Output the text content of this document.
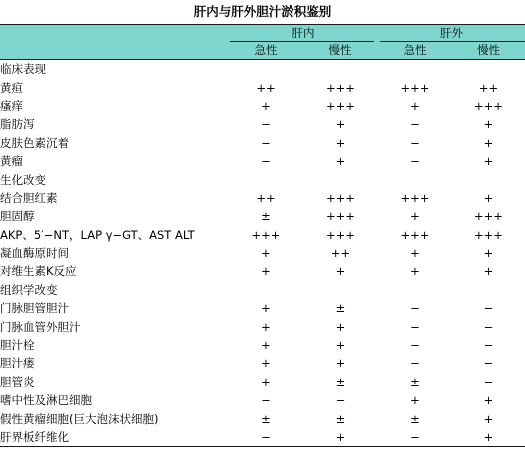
肝内与肝外胆汁淤积鉴别
肝内	肝外
急性	慢性	急性	慢性
临床表现				
黄疸	++	+++	+++	++
瘙痒	+	+++	+	+++
脂肪泻	−	+	−	+
皮肤色素沉着	−	+	−	+
黄瘤	−	+	−	+
生化改变				
结合胆红素	++	+++	+++	+
胆固醇	±	+++	+	+++
AKP、5′−NT，LAP γ−GT、AST ALT	+++	+++	+++	+++
凝血酶原时间	+	++	+	+
对维生素K反应	+	+	+	+
组织学改变				
门脉胆管胆汁	+	±	−	−
门脉血管外胆汁	+	+	−	−
胆汁栓	+	+	−	−
胆汁瘘	+	+	−	−
胆管炎	+	±	±	−
嗜中性及淋巴细胞	−	−	+	+
假性黄瘤细胞(巨大泡沫状细胞)	±	±	±	+
肝界板纤维化	−	+	−	+
